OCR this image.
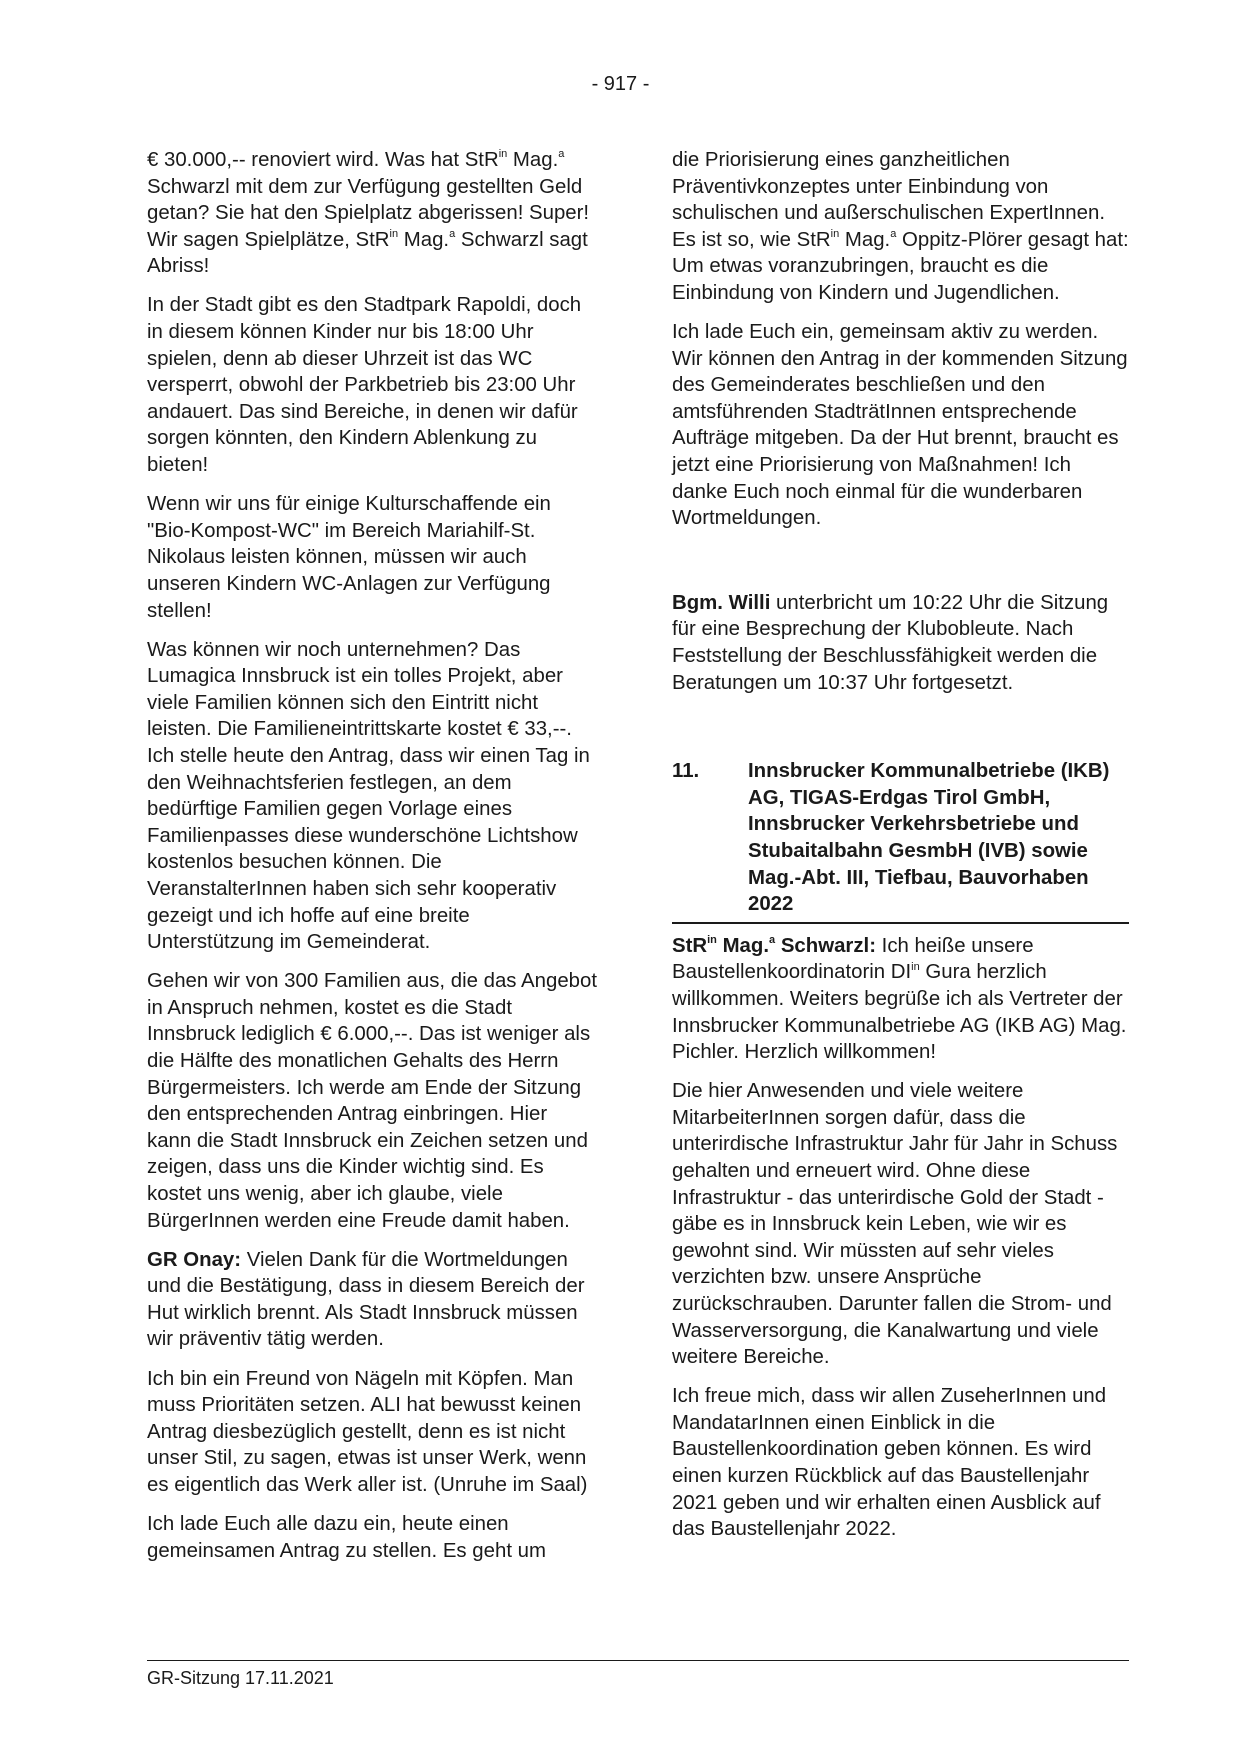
- 917 -

€ 30.000,-- renoviert wird. Was hat StR$^{in}$ Mag.$^a$ Schwarzl mit dem zur Verfügung gestellten Geld getan? Sie hat den Spielplatz abgerissen! Super! Wir sagen Spielplätze, StR$^{in}$ Mag.$^a$ Schwarzl sagt Abriss!

In der Stadt gibt es den Stadtpark Rapoldi, doch in diesem können Kinder nur bis 18:00 Uhr spielen, denn ab dieser Uhrzeit ist das WC versperrt, obwohl der Parkbetrieb bis 23:00 Uhr andauert. Das sind Bereiche, in denen wir dafür sorgen könnten, den Kindern Ablenkung zu bieten!

Wenn wir uns für einige Kulturschaffende ein "Bio-Kompost-WC" im Bereich Mariahilf-St. Nikolaus leisten können, müssen wir auch unseren Kindern WC-Anlagen zur Verfügung stellen!

Was können wir noch unternehmen? Das Lumagica Innsbruck ist ein tolles Projekt, aber viele Familien können sich den Eintritt nicht leisten. Die Familieneintrittskarte kostet € 33,--. Ich stelle heute den Antrag, dass wir einen Tag in den Weihnachtsferien festlegen, an dem bedürftige Familien gegen Vorlage eines Familienpasses diese wunderschöne Lichtshow kostenlos besuchen können. Die VeranstalterInnen haben sich sehr kooperativ gezeigt und ich hoffe auf eine breite Unterstützung im Gemeinderat.

Gehen wir von 300 Familien aus, die das Angebot in Anspruch nehmen, kostet es die Stadt Innsbruck lediglich € 6.000,--. Das ist weniger als die Hälfte des monatlichen Gehalts des Herrn Bürgermeisters. Ich werde am Ende der Sitzung den entsprechenden Antrag einbringen. Hier kann die Stadt Innsbruck ein Zeichen setzen und zeigen, dass uns die Kinder wichtig sind. Es kostet uns wenig, aber ich glaube, viele BürgerInnen werden eine Freude damit haben.

GR Onay: Vielen Dank für die Wortmeldungen und die Bestätigung, dass in diesem Bereich der Hut wirklich brennt. Als Stadt Innsbruck müssen wir präventiv tätig werden.

Ich bin ein Freund von Nägeln mit Köpfen. Man muss Prioritäten setzen. ALI hat bewusst keinen Antrag diesbezüglich gestellt, denn es ist nicht unser Stil, zu sagen, etwas ist unser Werk, wenn es eigentlich das Werk aller ist. (Unruhe im Saal)

Ich lade Euch alle dazu ein, heute einen gemeinsamen Antrag zu stellen. Es geht um

die Priorisierung eines ganzheitlichen Präventivkonzeptes unter Einbindung von schulischen und außerschulischen ExpertInnen. Es ist so, wie StR$^{in}$ Mag.$^a$ Oppitz-Plörer gesagt hat: Um etwas voranzubringen, braucht es die Einbindung von Kindern und Jugendlichen.

Ich lade Euch ein, gemeinsam aktiv zu werden. Wir können den Antrag in der kommenden Sitzung des Gemeinderates beschließen und den amtsführenden StadträtInnen entsprechende Aufträge mitgeben. Da der Hut brennt, braucht es jetzt eine Priorisierung von Maßnahmen! Ich danke Euch noch einmal für die wunderbaren Wortmeldungen.

Bgm. Willi unterbricht um 10:22 Uhr die Sitzung für eine Besprechung der Klubobleute. Nach Feststellung der Beschlussfähigkeit werden die Beratungen um 10:37 Uhr fortgesetzt.

11.	Innsbrucker Kommunalbetriebe (IKB) AG, TIGAS-Erdgas Tirol GmbH, Innsbrucker Verkehrsbetriebe und Stubaitalbahn GesmbH (IVB) sowie Mag.-Abt. III, Tiefbau, Bauvorhaben 2022

StR$^{in}$ Mag.$^a$ Schwarzl: Ich heiße unsere Baustellenkoordinatorin $DI^{in}$ Gura herzlich willkommen. Weiters begrüße ich als Vertreter der Innsbrucker Kommunalbetriebe AG (IKB AG) Mag. Pichler. Herzlich willkommen!

Die hier Anwesenden und viele weitere MitarbeiterInnen sorgen dafür, dass die unterirdische Infrastruktur Jahr für Jahr in Schuss gehalten und erneuert wird. Ohne diese Infrastruktur - das unterirdische Gold der Stadt - gäbe es in Innsbruck kein Leben, wie wir es gewohnt sind. Wir müssten auf sehr vieles verzichten bzw. unsere Ansprüche zurückschrauben. Darunter fallen die Strom- und Wasserversorgung, die Kanalwartung und viele weitere Bereiche.

Ich freue mich, dass wir allen ZuseherInnen und MandatarInnen einen Einblick in die Baustellenkoordination geben können. Es wird einen kurzen Rückblick auf das Baustellenjahr 2021 geben und wir erhalten einen Ausblick auf das Baustellenjahr 2022.

GR-Sitzung 17.11.2021
